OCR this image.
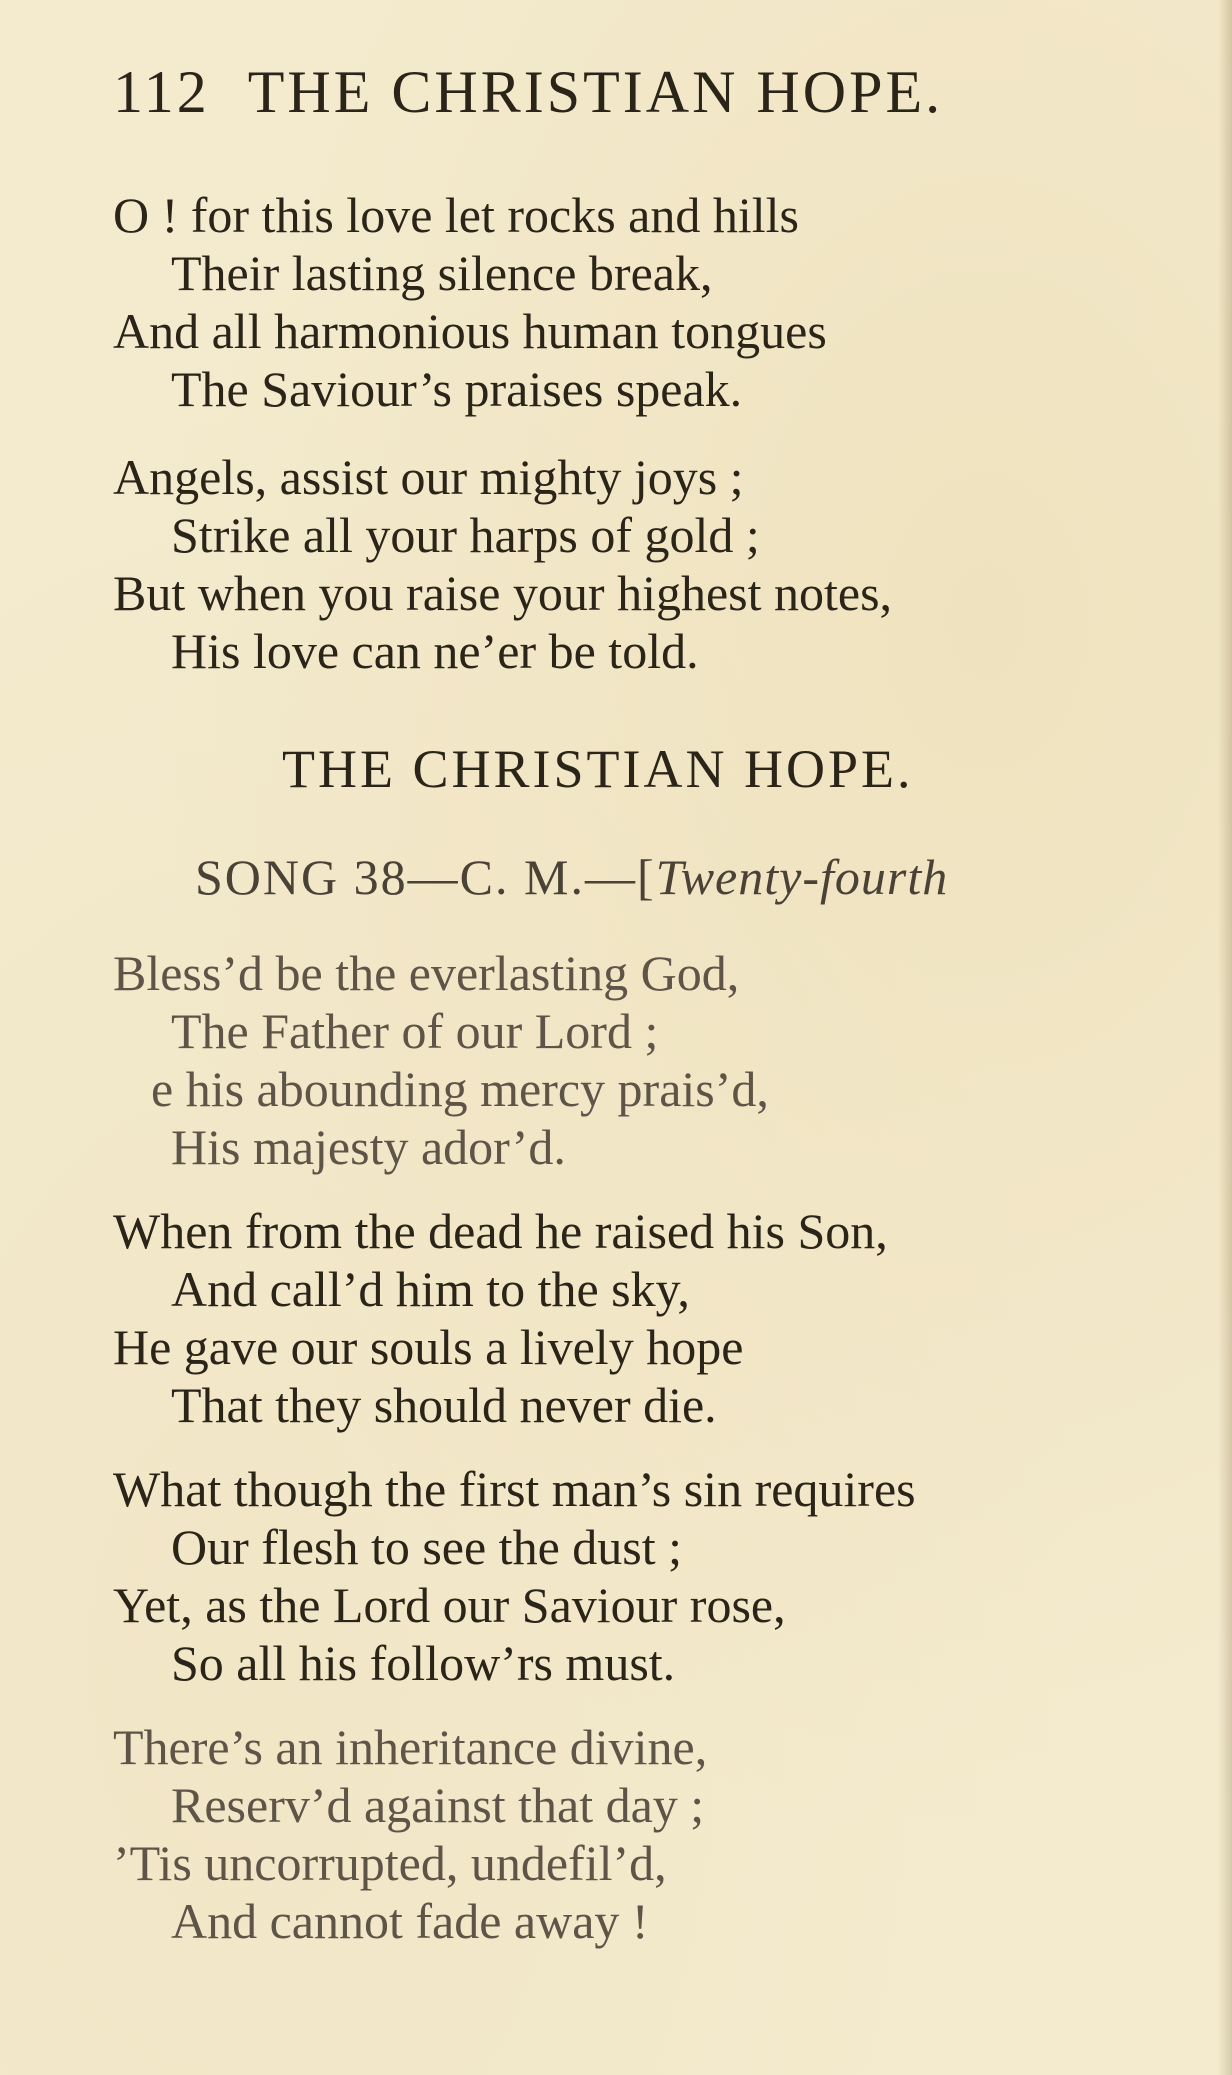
112 THE CHRISTIAN HOPE.
O ! for this love let rocks and hills
Their lasting silence break,
And all harmonious human tongues
The Saviour’s praises speak.
Angels, assist our mighty joys ;
Strike all your harps of gold ;
But when you raise your highest notes,
His love can ne’er be told.
THE CHRISTIAN HOPE.
SONG 38—C. M.—[Twenty-fourth
Bless’d be the everlasting God,
The Father of our Lord ;
e his abounding mercy prais’d,
His majesty ador’d.
When from the dead he raised his Son,
And call’d him to the sky,
He gave our souls a lively hope
That they should never die.
What though the first man’s sin requires
Our flesh to see the dust ;
Yet, as the Lord our Saviour rose,
So all his follow’rs must.
There’s an inheritance divine,
Reserv’d against that day ;
’Tis uncorrupted, undefil’d,
And cannot fade away !
